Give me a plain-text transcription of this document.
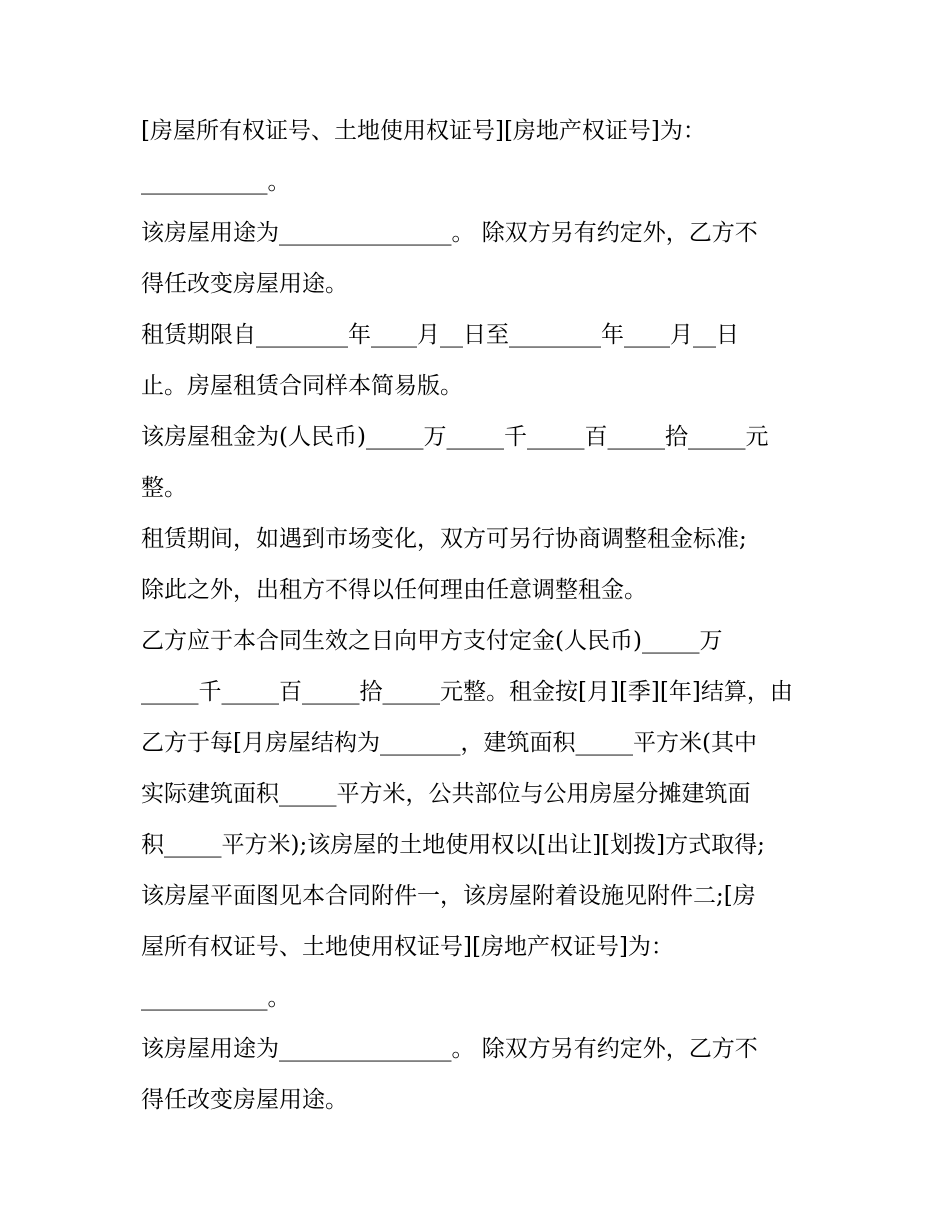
[房屋所有权证号、土地使用权证号][房地产权证号]为：
___________。
该房屋用途为_______________。 除双方另有约定外，乙方不
得任改变房屋用途。
租赁期限自________年____月__日至________年____月__日
止。房屋租赁合同样本简易版。
该房屋租金为(人民币)_____万_____千_____百_____拾_____元
整。
租赁期间，如遇到市场变化，双方可另行协商调整租金标准;
除此之外，出租方不得以任何理由任意调整租金。
乙方应于本合同生效之日向甲方支付定金(人民币)_____万
_____千_____百_____拾_____元整。租金按[月][季][年]结算，由
乙方于每[月房屋结构为_______，建筑面积_____平方米(其中
实际建筑面积_____平方米，公共部位与公用房屋分摊建筑面
积_____平方米);该房屋的土地使用权以[出让][划拨]方式取得;
该房屋平面图见本合同附件一，该房屋附着设施见附件二;[房
屋所有权证号、土地使用权证号][房地产权证号]为：
___________。
该房屋用途为_______________。 除双方另有约定外，乙方不
得任改变房屋用途。
